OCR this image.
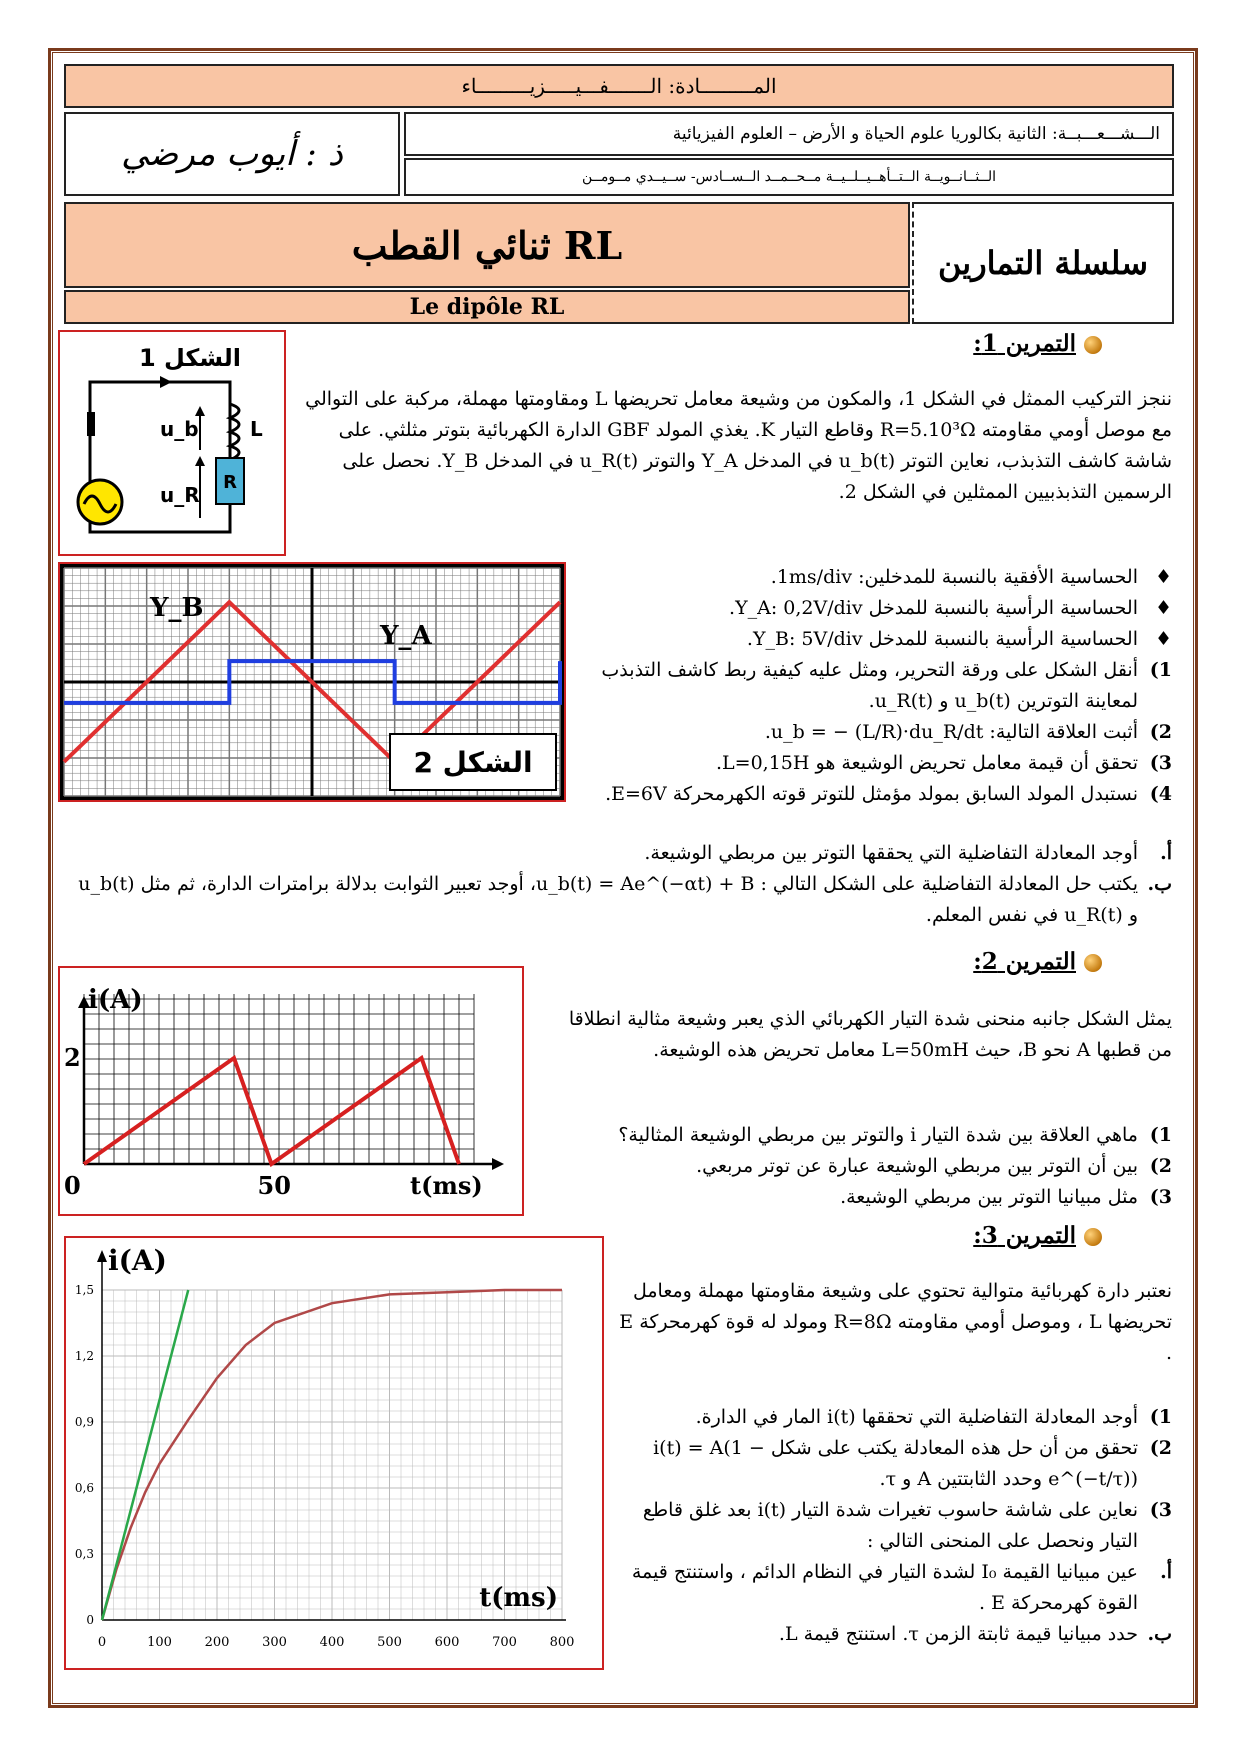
المـــــــــادة: الـــــــفـــيـــــزيـــــــــاء
ذ : أيوب مرضي	الـــشـــعـــبــة: الثانية بكالوريا علوم الحياة و الأرض – العلوم الفيزيائية
الــثــانــويــة الــتــأهــيــلــيــة مــحــمــد الــســادس- ســيــدي مــومــن
ثنائي القطب RL
Le dipôle RL
سلسلة التمارين
التمرين 1:
الشكل 1
R
L
u_b
u_R
ننجز التركيب الممثل في الشكل 1، والمكون من وشيعة معامل تحريضها L ومقاومتها مهملة، مركبة على التوالي مع موصل أومي مقاومته R=5.10³Ω وقاطع التيار K. يغذي المولد GBF الدارة الكهربائية بتوتر مثلثي. على شاشة كاشف التذبذب، نعاين التوتر u_b(t) في المدخل Y_A والتوتر u_R(t) في المدخل Y_B. نحصل على الرسمين التذبذبيين الممثلين في الشكل 2.
Y_B
Y_A
الشكل 2
♦
الحساسية الأفقية بالنسبة للمدخلين: 1ms/div.
♦
الحساسية الرأسية بالنسبة للمدخل Y_A: 0,2V/div.
♦
الحساسية الرأسية بالنسبة للمدخل Y_B: 5V/div.
1)
أنقل الشكل على ورقة التحرير، ومثل عليه كيفية ربط كاشف التذبذب لمعاينة التوترين u_b(t) و u_R(t).
2)
أثبت العلاقة التالية: u_b = − (L/R)·du_R/dt.
3)
تحقق أن قيمة معامل تحريض الوشيعة هو L=0,15H.
4)
نستبدل المولد السابق بمولد مؤمثل للتوتر قوته الكهرمحركة E=6V.
أ.
أوجد المعادلة التفاضلية التي يحققها التوتر بين مربطي الوشيعة.
ب.
يكتب حل المعادلة التفاضلية على الشكل التالي : u_b(t) = Ae^(−αt) + B، أوجد تعبير الثوابت بدلالة برامترات الدارة، ثم مثل u_b(t) و u_R(t) في نفس المعلم.
التمرين 2:
i(A)
t(ms)
2
0	50
يمثل الشكل جانبه منحنى شدة التيار الكهربائي الذي يعبر وشيعة مثالية انطلاقا من قطبها A نحو B، حيث L=50mH معامل تحريض هذه الوشيعة.
1)
ماهي العلاقة بين شدة التيار i والتوتر بين مربطي الوشيعة المثالية؟
2)
بين أن التوتر بين مربطي الوشيعة عبارة عن توتر مربعي.
3)
مثل مبيانيا التوتر بين مربطي الوشيعة.
التمرين 3:
0	100	200	300	400	500	600	700	800
0
0,3
0,6
0,9
1,2
1,5
i(A)
t(ms)
نعتبر دارة كهربائية متوالية تحتوي على وشيعة مقاومتها مهملة ومعامل تحريضها L ، وموصل أومي مقاومته R=8Ω ومولد له قوة كهرمحركة E .
1)
أوجد المعادلة التفاضلية التي تحققها i(t) المار في الدارة.
2)
تحقق من أن حل هذه المعادلة يكتب على شكل i(t) = A(1 − e^(−t/τ)) وحدد الثابتتين A و τ.
3)
نعاين على شاشة حاسوب تغيرات شدة التيار i(t) بعد غلق قاطع التيار ونحصل على المنحنى التالي :
أ.
عين مبيانيا القيمة I₀ لشدة التيار في النظام الدائم ، واستنتج قيمة القوة كهرمحركة E .
ب.
حدد مبيانيا قيمة ثابتة الزمن τ. استنتج قيمة L.
